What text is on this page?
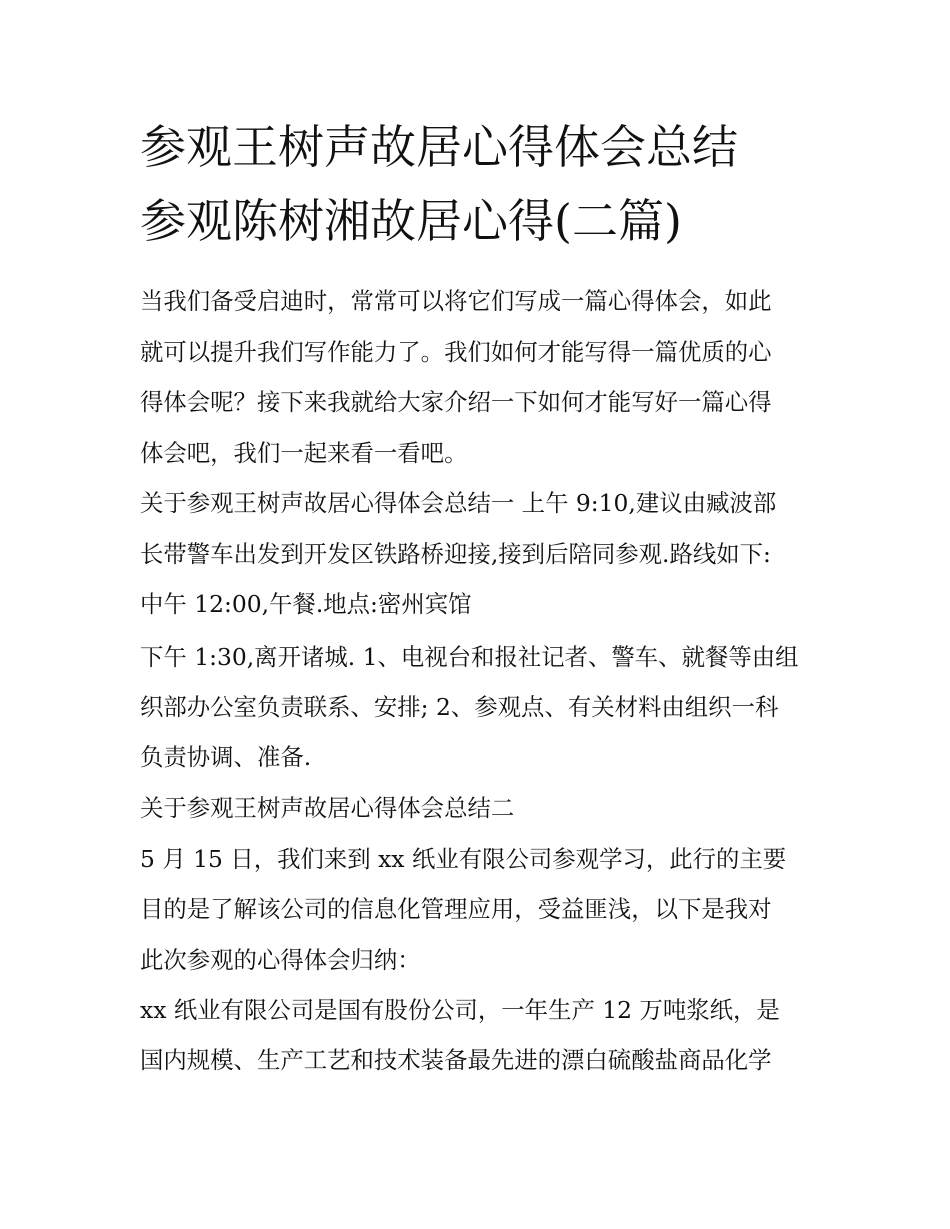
参观王树声故居心得体会总结
参观陈树湘故居心得(二篇)

当我们备受启迪时，常常可以将它们写成一篇心得体会，如此

就可以提升我们写作能力了。我们如何才能写得一篇优质的心

得体会呢？接下来我就给大家介绍一下如何才能写好一篇心得

体会吧，我们一起来看一看吧。

关于参观王树声故居心得体会总结一 上午 9:10,建议由臧波部

长带警车出发到开发区铁路桥迎接,接到后陪同参观.路线如下:

中午 12:00,午餐.地点:密州宾馆

下午 1:30,离开诸城. 1、电视台和报社记者、警车、就餐等由组

织部办公室负责联系、安排; 2、参观点、有关材料由组织一科

负责协调、准备.

关于参观王树声故居心得体会总结二

5 月 15 日，我们来到 xx 纸业有限公司参观学习，此行的主要

目的是了解该公司的信息化管理应用，受益匪浅，以下是我对

此次参观的心得体会归纳：

xx 纸业有限公司是国有股份公司，一年生产 12 万吨浆纸，是

国内规模、生产工艺和技术装备最先进的漂白硫酸盐商品化学
